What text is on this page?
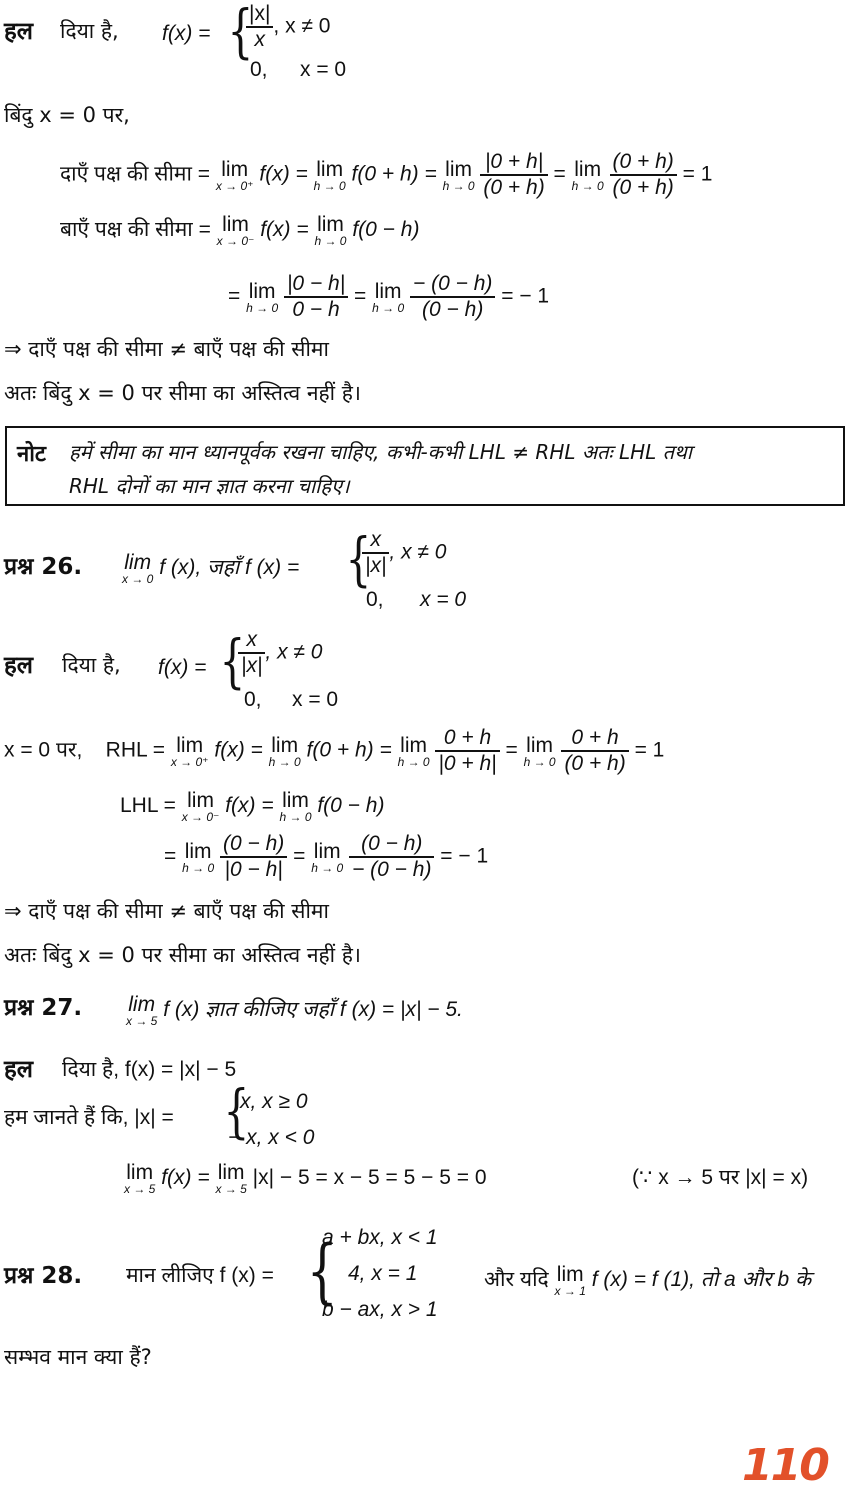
हल दिया है, f(x) = {
$\frac{|x|}{x}$ , x ≠ 0
0, x = 0
बिंदु x = 0 पर,
दाएँ पक्ष की सीमा = lim
x → 0⁺ f(x) = lim
h → 0 f(0 + h) = lim
h → 0
$\frac{|0 + h|}{(0 + h)} = \lim$
h → 0
$\frac{(0 + h)}{(0 + h)} = 1$
बाएँ पक्ष की सीमा = lim
x → 0⁻ f(x) = lim
h → 0 f(0 − h)
= lim
h → 0
$\frac{|0 - h|}{0 - h} = \lim$
h → 0
$\frac{- (0 - h)}{(0 - h)}$ = − 1
⇒ दाएँ पक्ष की सीमा ≠ बाएँ पक्ष की सीमा
अतः बिंदु x = 0 पर सीमा का अस्तित्व नहीं है।
नोट हमें सीमा का मान ध्यानपूर्वक रखना चाहिए, कभी-कभी LHL ≠ RHL अतः LHL तथा
RHL दोनों का मान ज्ञात करना चाहिए।
प्रश्न 26. lim
x → 0 f (x), जहाँ f (x) = {
$\frac{x}{|x|}$ , x ≠ 0
0, x = 0
हल दिया है, f(x) = {
$\frac{x}{|x|}$ , x ≠ 0
0, x = 0
x = 0 पर, RHL = lim
x → 0⁺ f(x) = lim
h → 0 f(0 + h) = lim
h → 0
$\frac{0 + h}{|0 + h|} = \lim$
h → 0
$\frac{0 + h}{(0 + h)} = 1$
LHL = lim
x → 0⁻ f(x) = lim
h → 0 f(0 − h)
= lim
h → 0
$\frac{(0 - h)}{|0 - h|} = \lim$
h → 0
$\frac{(0 - h)}{- (0 - h)}$ = − 1
⇒ दाएँ पक्ष की सीमा ≠ बाएँ पक्ष की सीमा
अतः बिंदु x = 0 पर सीमा का अस्तित्व नहीं है।
प्रश्न 27. lim
x → 5 f (x) ज्ञात कीजिए जहाँ f (x) = |x| − 5.
हल दिया है, f(x) = |x| − 5
हम जानते हैं कि, |x| = {
x, x ≥ 0
− x, x < 0
lim
x → 5 f(x) = lim
x → 5 |x| − 5 = x − 5 = 5 − 5 = 0	(∵ x → 5 पर |x| = x)
प्रश्न 28. मान लीजिए f (x) = {
a + bx, x < 1
4, x = 1
b − ax, x > 1
और यदि lim
x → 1 f (x) = f (1), तो a और b के
सम्भव मान क्या हैं?
110
